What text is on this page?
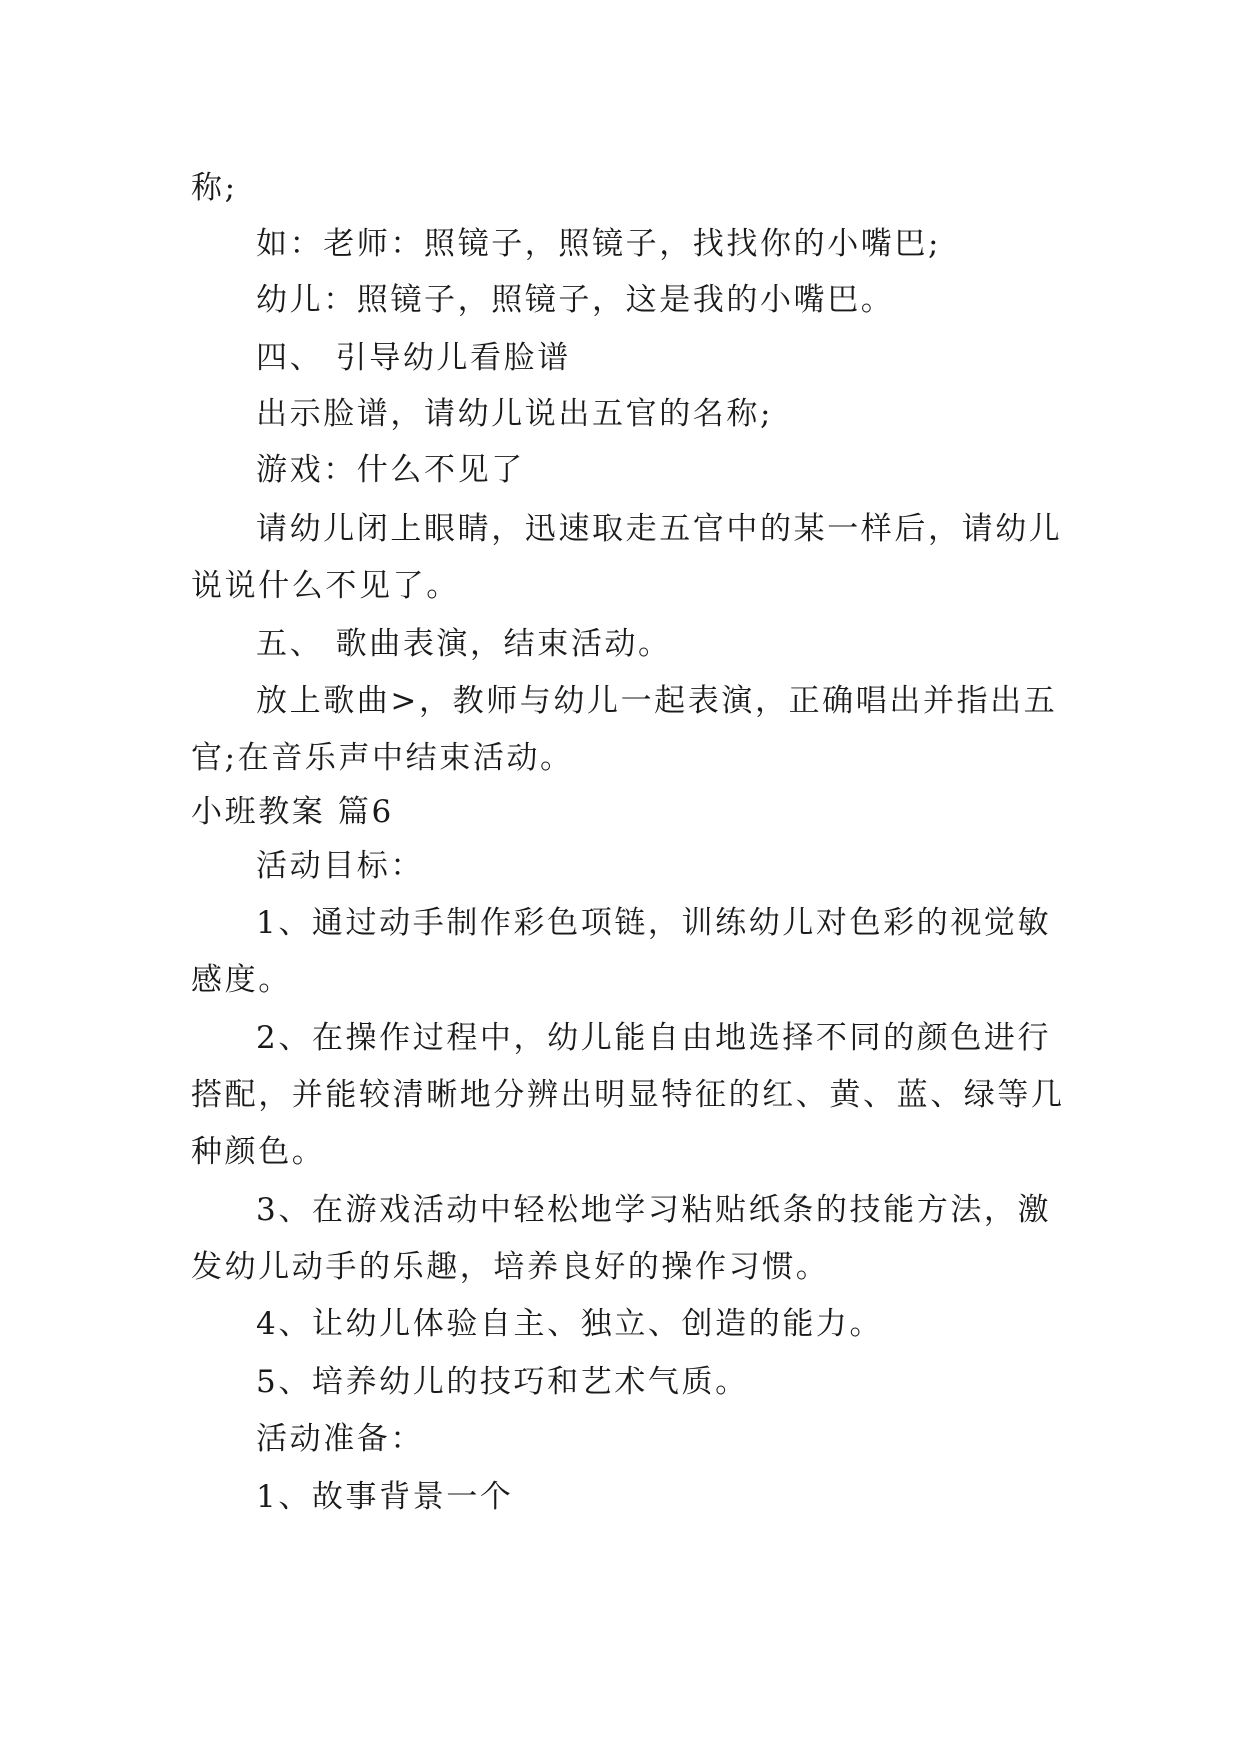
称;
如：老师：照镜子，照镜子，找找你的小嘴巴;
幼儿：照镜子，照镜子，这是我的小嘴巴。
四、 引导幼儿看脸谱
出示脸谱，请幼儿说出五官的名称;
游戏：什么不见了
请幼儿闭上眼睛，迅速取走五官中的某一样后，请幼儿
说说什么不见了。
五、 歌曲表演，结束活动。
放上歌曲>，教师与幼儿一起表演，正确唱出并指出五
官;在音乐声中结束活动。
小班教案 篇6
活动目标：
1、通过动手制作彩色项链，训练幼儿对色彩的视觉敏
感度。
2、在操作过程中，幼儿能自由地选择不同的颜色进行
搭配，并能较清晰地分辨出明显特征的红、黄、蓝、绿等几
种颜色。
3、在游戏活动中轻松地学习粘贴纸条的技能方法，激
发幼儿动手的乐趣，培养良好的操作习惯。
4、让幼儿体验自主、独立、创造的能力。
5、培养幼儿的技巧和艺术气质。
活动准备：
1、故事背景一个
